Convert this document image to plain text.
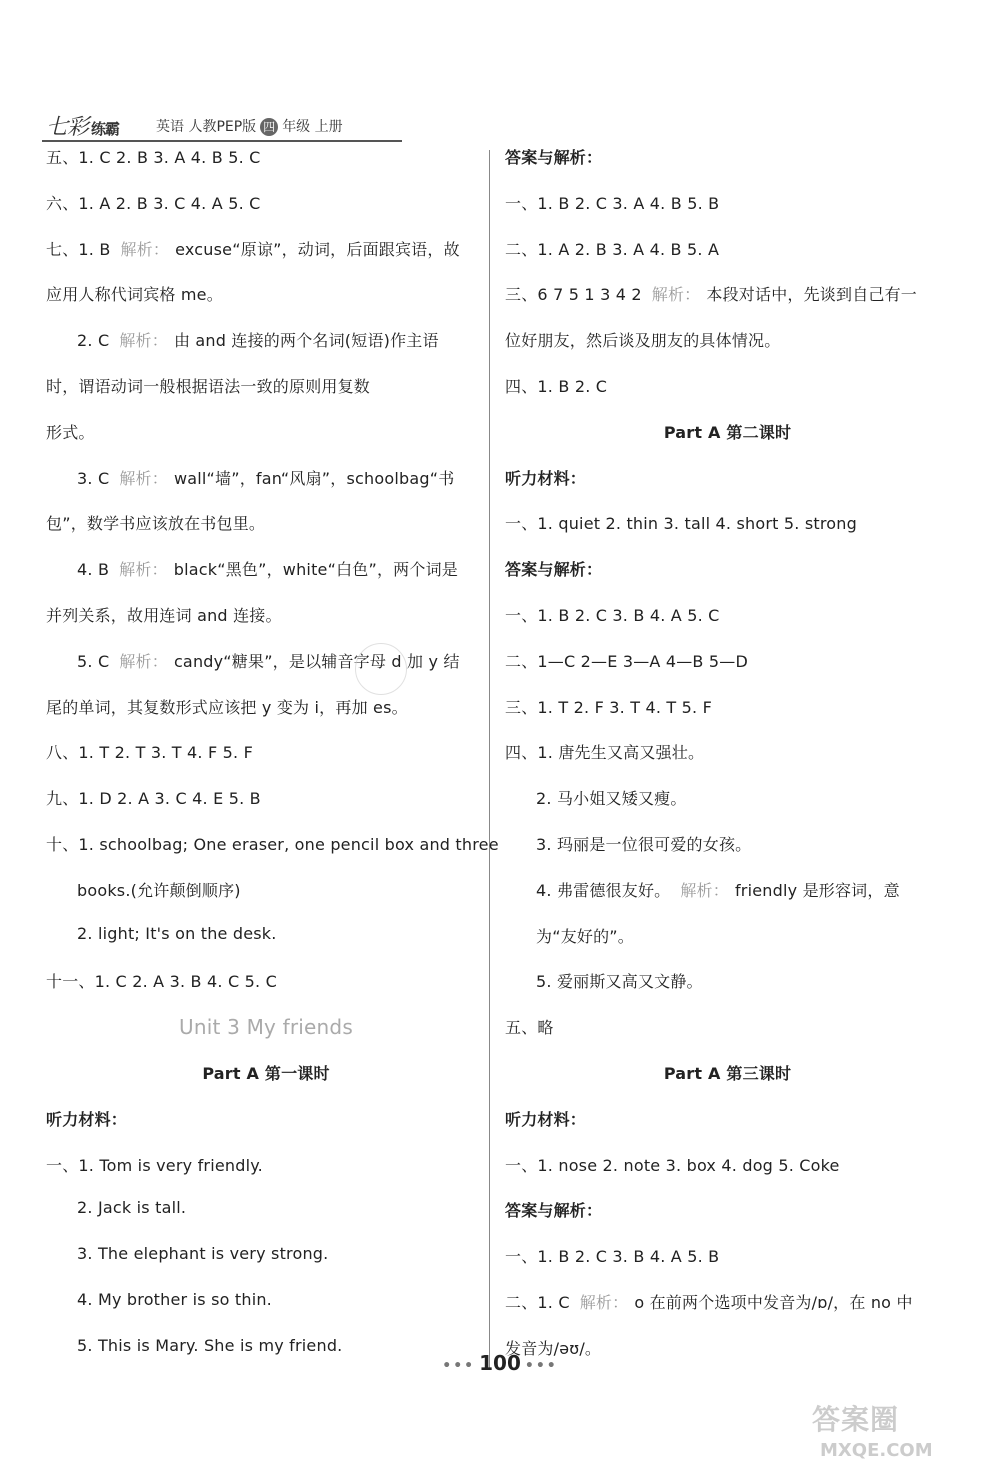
七彩 练霸	英语 人教PEP版 四 年级 上册
五、1. C 2. B 3. A 4. B 5. C
六、1. A 2. B 3. C 4. A 5. C
七、1. B 解析： excuse“原谅”，动词，后面跟宾语，故
应用人称代词宾格 me。
2. C 解析： 由 and 连接的两个名词(短语)作主语
时，谓语动词一般根据语法一致的原则用复数
形式。
3. C 解析： wall“墙”，fan“风扇”，schoolbag“书
包”，数学书应该放在书包里。
4. B 解析： black“黑色”，white“白色”，两个词是
并列关系，故用连词 and 连接。
5. C 解析： candy“糖果”，是以辅音字母 d 加 y 结
尾的单词，其复数形式应该把 y 变为 i，再加 es。
八、1. T 2. T 3. T 4. F 5. F
九、1. D 2. A 3. C 4. E 5. B
十、1. schoolbag; One eraser, one pencil box and three
books.(允许颠倒顺序)
2. light; It's on the desk.
十一、1. C 2. A 3. B 4. C 5. C
Unit 3 My friends
Part A 第一课时
听力材料：
一、1. Tom is very friendly.
2. Jack is tall.
3. The elephant is very strong.
4. My brother is so thin.
5. This is Mary. She is my friend.
答案与解析：
一、1. B 2. C 3. A 4. B 5. B
二、1. A 2. B 3. A 4. B 5. A
三、6 7 5 1 3 4 2 解析： 本段对话中，先谈到自己有一
位好朋友，然后谈及朋友的具体情况。
四、1. B 2. C
Part A 第二课时
听力材料：
一、1. quiet 2. thin 3. tall 4. short 5. strong
答案与解析：
一、1. B 2. C 3. B 4. A 5. C
二、1—C 2—E 3—A 4—B 5—D
三、1. T 2. F 3. T 4. T 5. F
四、1. 唐先生又高又强壮。
2. 马小姐又矮又瘦。
3. 玛丽是一位很可爱的女孩。
4. 弗雷德很友好。 解析： friendly 是形容词，意
为“友好的”。
5. 爱丽斯又高又文静。
五、略
Part A 第三课时
听力材料：
一、1. nose 2. note 3. box 4. dog 5. Coke
答案与解析：
一、1. B 2. C 3. B 4. A 5. B
二、1. C 解析： o 在前两个选项中发音为/ɒ/，在 no 中
发音为/əʊ/。
••• 100 •••
答案圈
MXQE.COM
